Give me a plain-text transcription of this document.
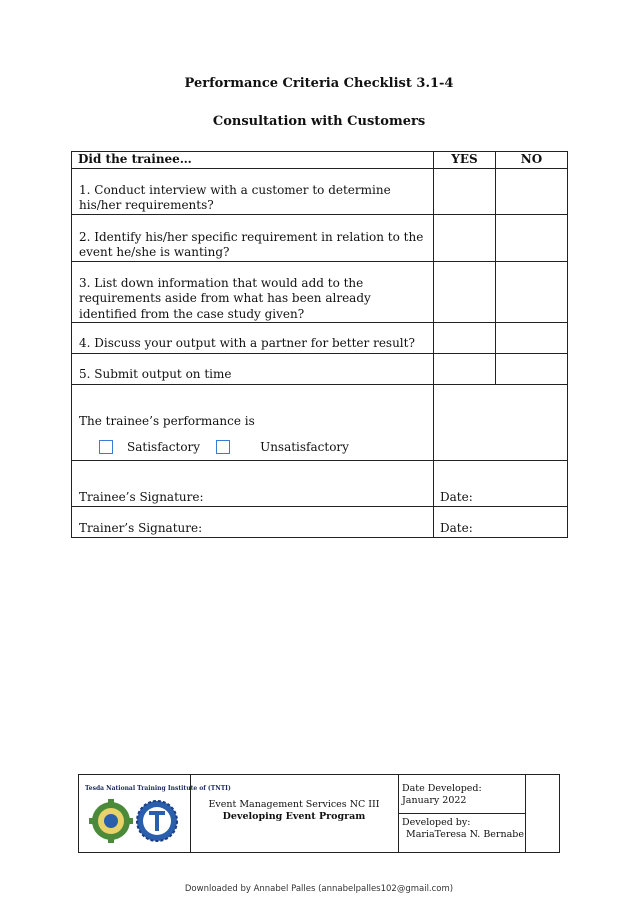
Performance Criteria Checklist 3.1-4
Consultation with Customers
Did the trainee…	YES	NO
1. Conduct interview with a customer to determine his/her requirements?		
2. Identify his/her specific requirement in relation to the event he/she is wanting?		
3. List down information that would add to the requirements aside from what has been already identified from the case study given?		
4. Discuss your output with a partner for better result?		
5. Submit output on time		

The trainee’s performance is
Satisfactory Unsatisfactory		

Trainee’s Signature:	Date:	
Trainer’s Signature:	Date:	
Tesda National Training Institute of (TNTI)
Event Management Services NC III
Developing Event Program
Date Developed:
January 2022
Developed by:
MariaTeresa N. Bernabe
Downloaded by Annabel Palles (annabelpalles102@gmail.com)
